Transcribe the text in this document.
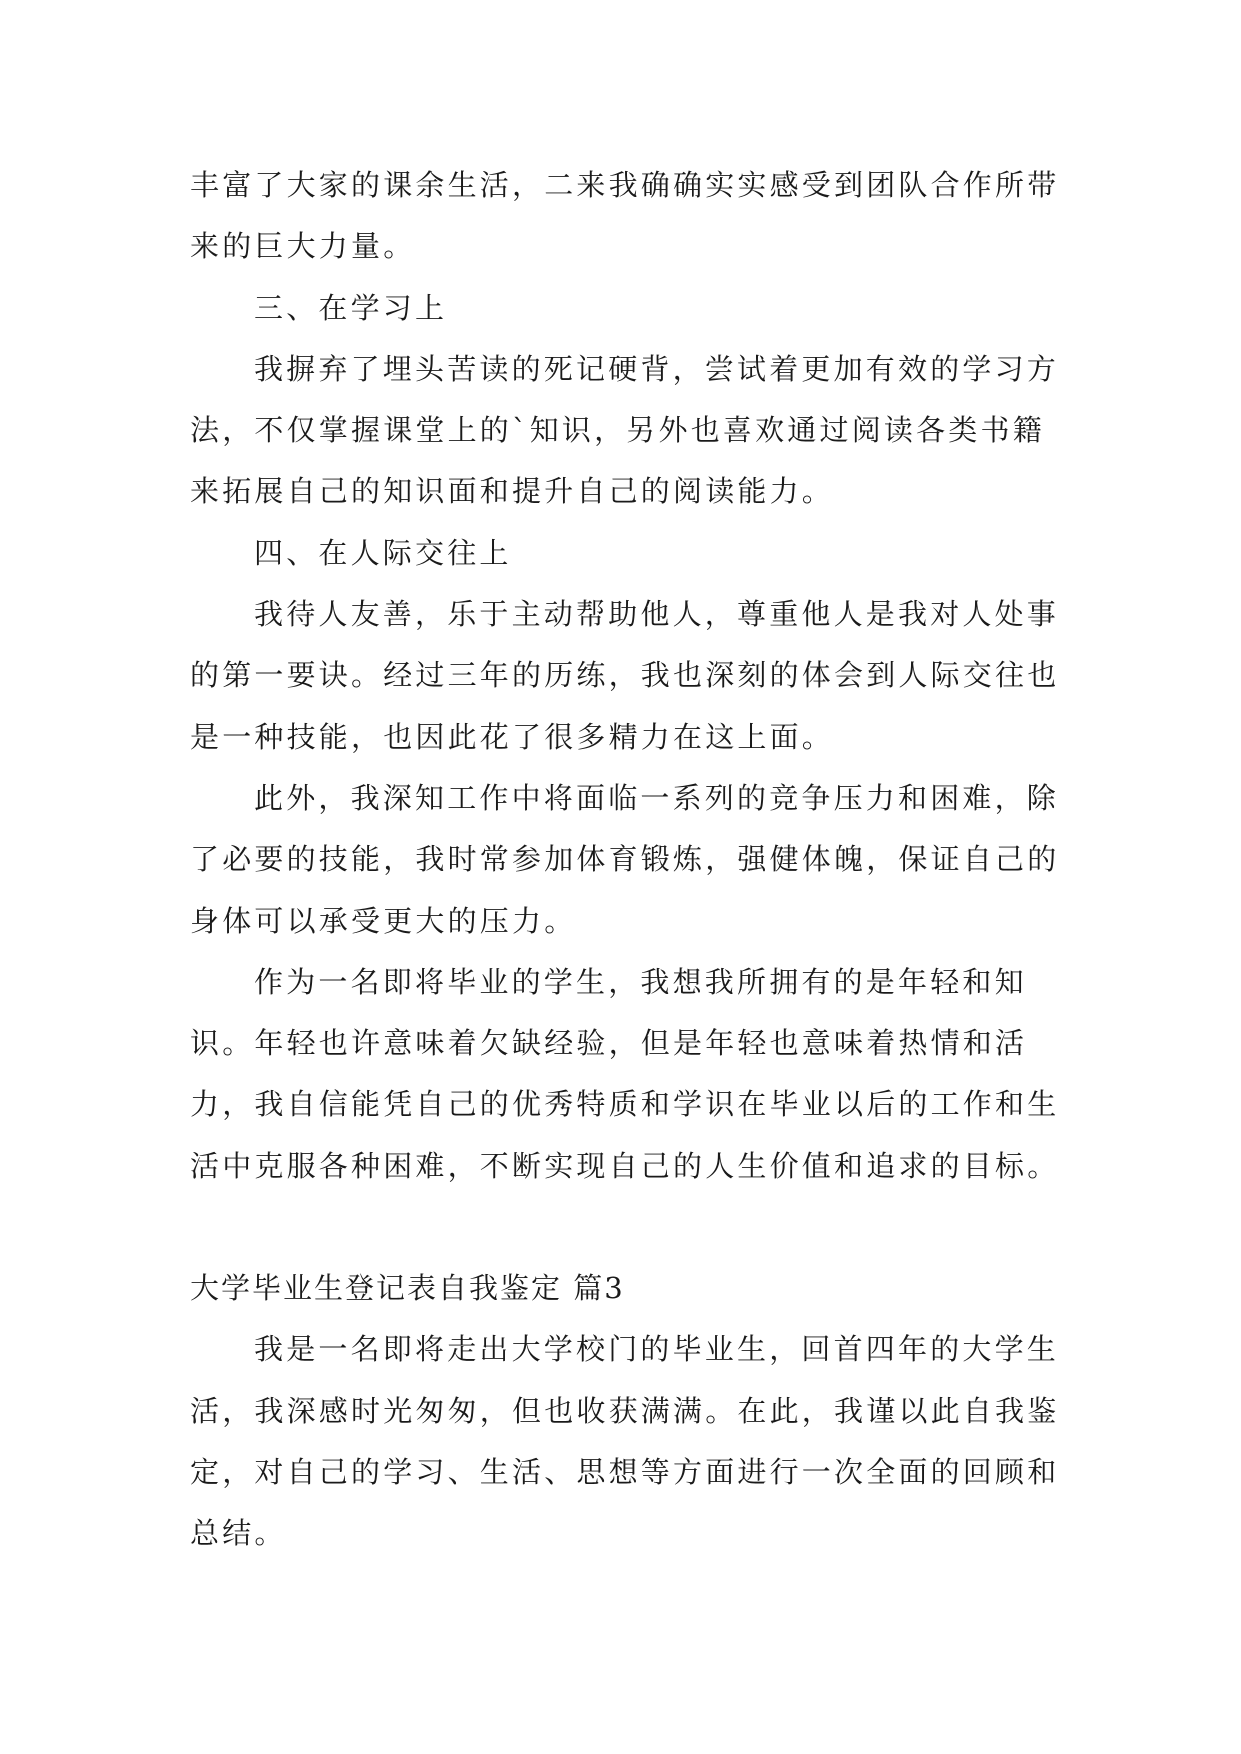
丰富了大家的课余生活，二来我确确实实感受到团队合作所带来的巨大力量。

三、在学习上

我摒弃了埋头苦读的死记硬背，尝试着更加有效的学习方法，不仅掌握课堂上的`知识，另外也喜欢通过阅读各类书籍来拓展自己的知识面和提升自己的阅读能力。

四、在人际交往上

我待人友善，乐于主动帮助他人，尊重他人是我对人处事的第一要诀。经过三年的历练，我也深刻的体会到人际交往也是一种技能，也因此花了很多精力在这上面。

此外，我深知工作中将面临一系列的竞争压力和困难，除了必要的技能，我时常参加体育锻炼，强健体魄，保证自己的身体可以承受更大的压力。

作为一名即将毕业的学生，我想我所拥有的是年轻和知识。年轻也许意味着欠缺经验，但是年轻也意味着热情和活力，我自信能凭自己的优秀特质和学识在毕业以后的工作和生活中克服各种困难，不断实现自己的人生价值和追求的目标。

大学毕业生登记表自我鉴定 篇3

我是一名即将走出大学校门的毕业生，回首四年的大学生活，我深感时光匆匆，但也收获满满。在此，我谨以此自我鉴定，对自己的学习、生活、思想等方面进行一次全面的回顾和总结。
